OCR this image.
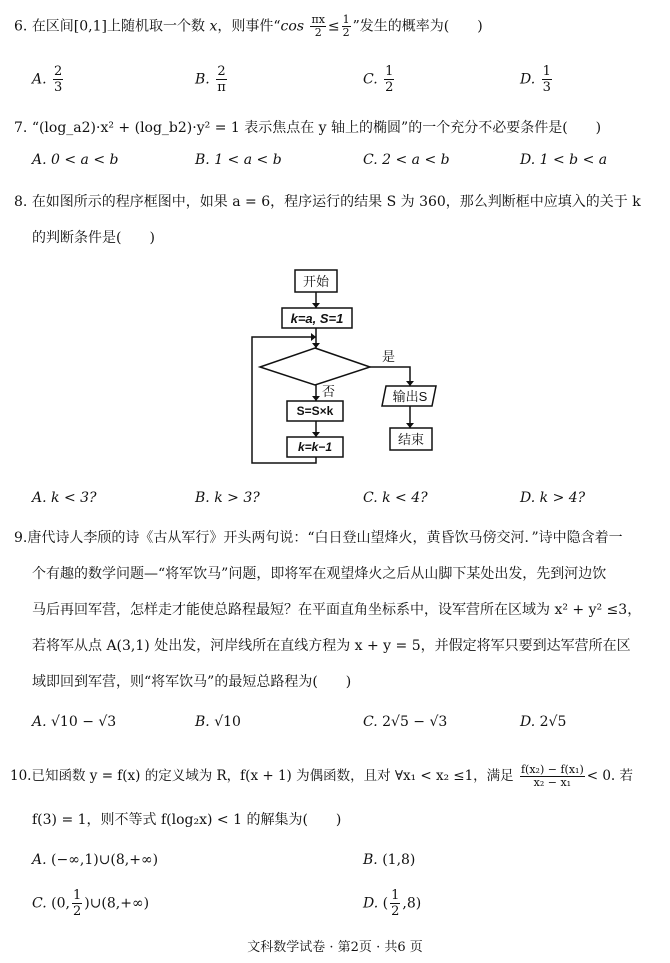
6. 在区间[0,1]上随机取一个数 x，则事件“$\cos \frac{\pi x}{2} \le \frac{1}{2}$ ”发生的概率为(　　)
A. $\frac{2}{3}$	B. $\frac{2}{\pi}$	C. $\frac{1}{2}$	D. $\frac{1}{3}$
7. “(log_a2)·x² + (log_b2)·y² = 1 表示焦点在 y 轴上的椭圆”的一个充分不必要条件是(　　)
A. 0 < a < b	B. 1 < a < b	C. 2 < a < b	D. 1 < b < a
8. 在如图所示的程序框图中，如果 a = 6，程序运行的结果 S 为 360，那么判断框中应填入的关于 k
的判断条件是(　　)
开始
k=a, S=1
是
否
S=S×k
k=k−1
输出S
结束
A. k < 3?	B. k > 3?	C. k < 4?	D. k > 4?
9.唐代诗人李颀的诗《古从军行》开头两句说：“白日登山望烽火，黄昏饮马傍交河．”诗中隐含着一
个有趣的数学问题—“将军饮马”问题，即将军在观望烽火之后从山脚下某处出发，先到河边饮
马后再回军营，怎样走才能使总路程最短？在平面直角坐标系中，设军营所在区域为 x² + y² ≤3，
若将军从点 A(3,1) 处出发，河岸线所在直线方程为 x + y = 5，并假定将军只要到达军营所在区
域即回到军营，则“将军饮马”的最短总路程为(　　)
A. √10 − √3	B. √10	C. 2√5 − √3	D. 2√5
10.已知函数 y = f(x) 的定义域为 R，f(x + 1) 为偶函数，且对 ∀x₁ < x₂ ≤1，满足 $\frac{\text{f(x₂) − f(x₁)}}{\text{x₂ − x₁}} < 0$. 若
f(3) = 1，则不等式 f(log₂x) < 1 的解集为(　　)
A. (−∞,1)∪(8,+∞)	B. (1,8)
C. (0, $\frac{1}{2}$ )∪(8,+∞)	D. ( $\frac{1}{2} ,8$)
文科数学试卷 · 第2页 · 共6 页
